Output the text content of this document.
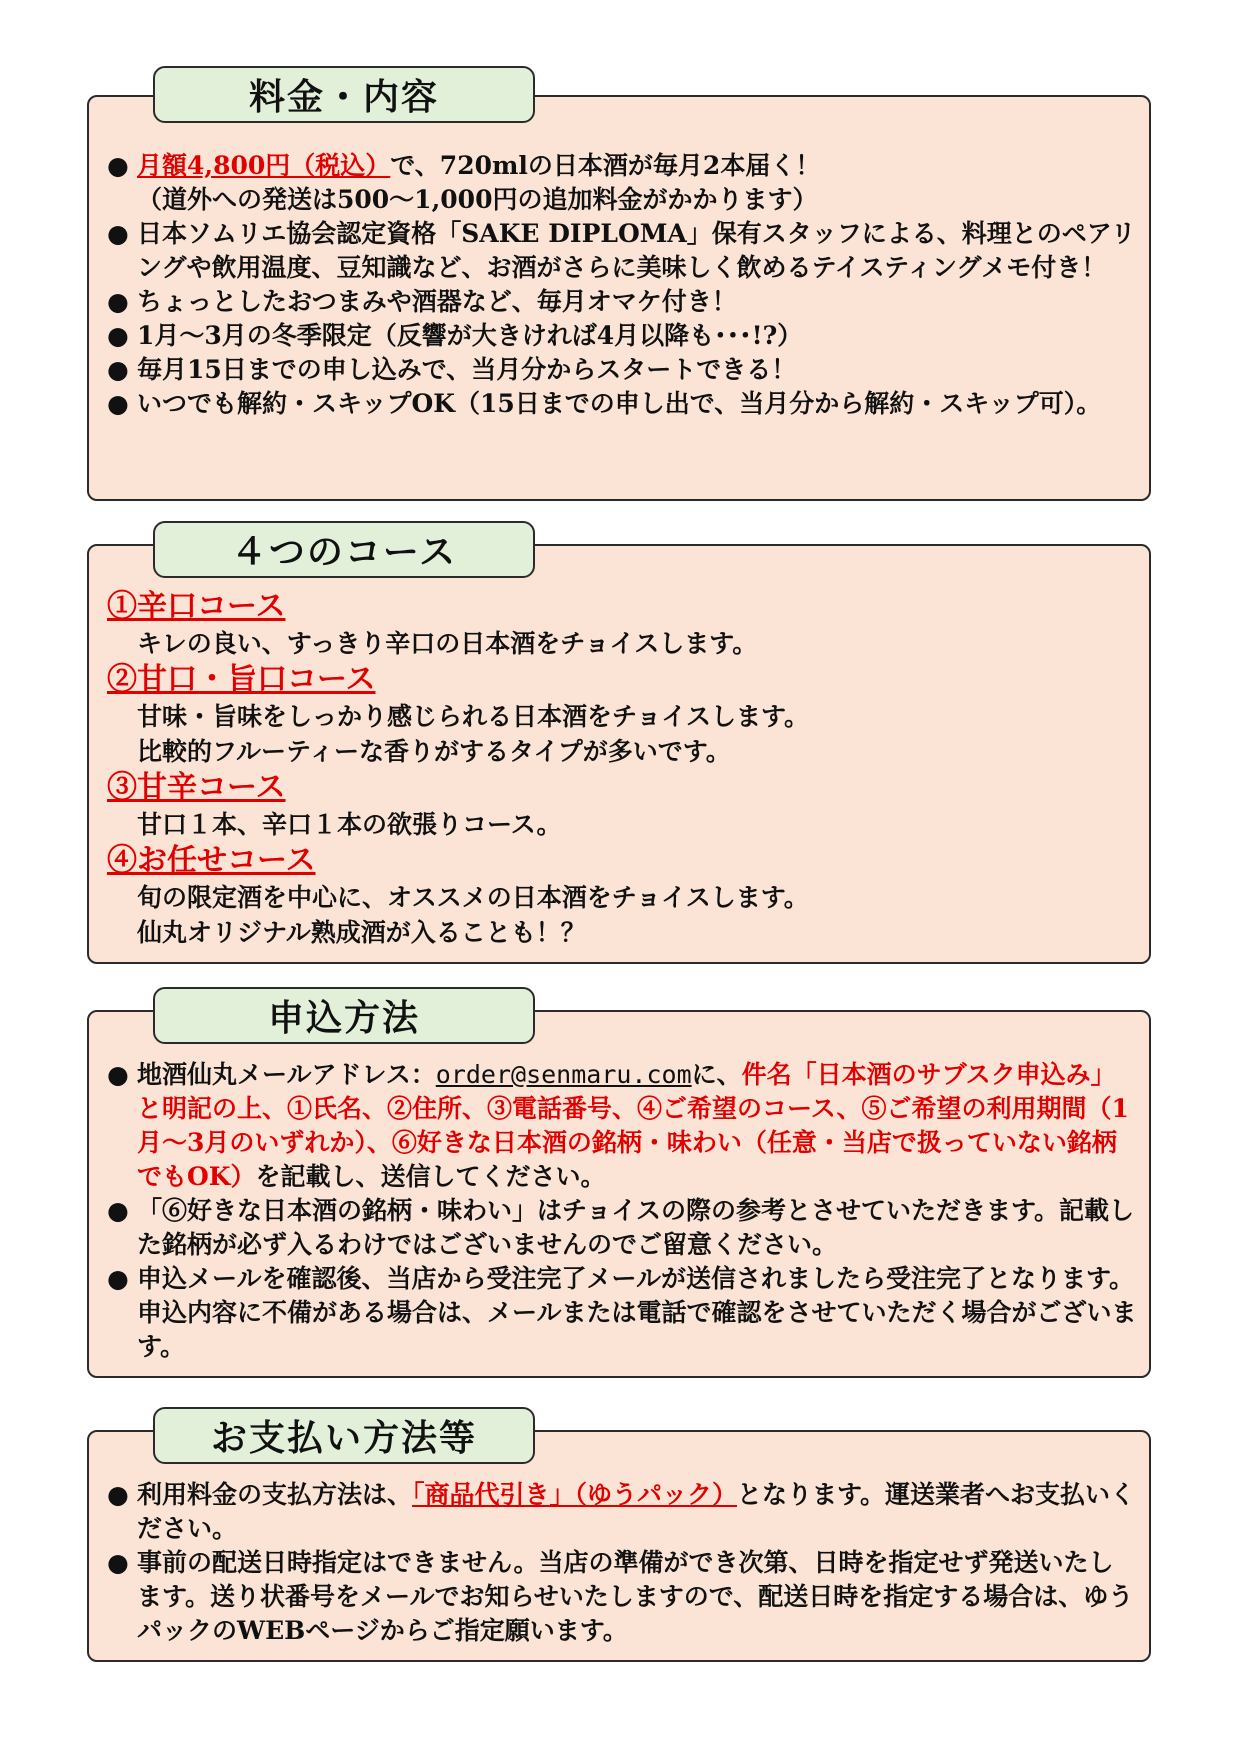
料金・内容
● 月額4,800円（税込）で、720mlの日本酒が毎月2本届く！
（道外への発送は500～1,000円の追加料金がかかります）
● 日本ソムリエ協会認定資格「SAKE DIPLOMA」保有スタッフによる、料理とのペアリングや飲用温度、豆知識など、お酒がさらに美味しく飲めるテイスティングメモ付き！
● ちょっとしたおつまみや酒器など、毎月オマケ付き！
● 1月～3月の冬季限定（反響が大きければ4月以降も･･･!?）
● 毎月15日までの申し込みで、当月分からスタートできる！
● いつでも解約・スキップOK（15日までの申し出で、当月分から解約・スキップ可）。
４つのコース
①辛口コース
キレの良い、すっきり辛口の日本酒をチョイスします。
②甘口・旨口コース
甘味・旨味をしっかり感じられる日本酒をチョイスします。
比較的フルーティーな香りがするタイプが多いです。
③甘辛コース
甘口１本、辛口１本の欲張りコース。
④お任せコース
旬の限定酒を中心に、オススメの日本酒をチョイスします。
仙丸オリジナル熟成酒が入ることも！？
申込方法
● 地酒仙丸メールアドレス：order@senmaru.comに、件名「日本酒のサブスク申込み」と明記の上、①氏名、②住所、③電話番号、④ご希望のコース、⑤ご希望の利用期間（1月～3月のいずれか）、⑥好きな日本酒の銘柄・味わい（任意・当店で扱っていない銘柄でもOK）を記載し、送信してください。
● 「⑥好きな日本酒の銘柄・味わい」はチョイスの際の参考とさせていただきます。記載した銘柄が必ず入るわけではございませんのでご留意ください。
● 申込メールを確認後、当店から受注完了メールが送信されましたら受注完了となります。申込内容に不備がある場合は、メールまたは電話で確認をさせていただく場合がございます。
お支払い方法等
● 利用料金の支払方法は、「商品代引き」（ゆうパック）となります。運送業者へお支払いください。
● 事前の配送日時指定はできません。当店の準備ができ次第、日時を指定せず発送いたします。送り状番号をメールでお知らせいたしますので、配送日時を指定する場合は、ゆうパックのWEBページからご指定願います。
